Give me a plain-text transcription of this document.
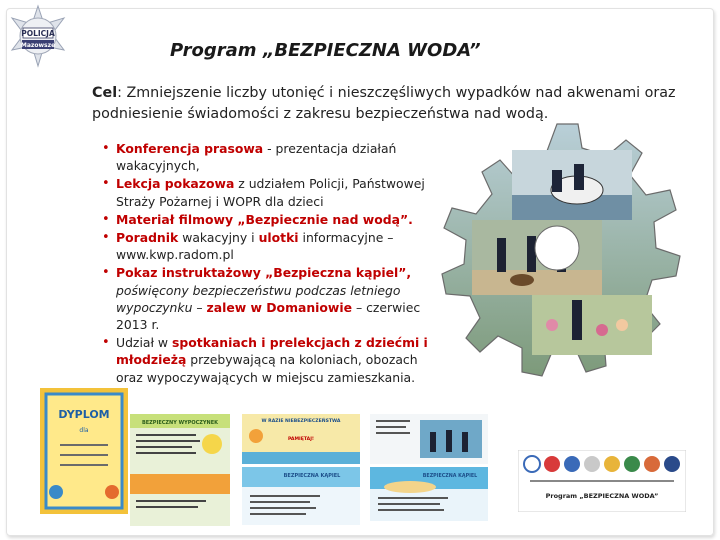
POLICJA
Mazowsze	Program „BEZPIECZNA WODA”
Cel: Zmniejszenie liczby utonięć i nieszczęśliwych wypadków nad akwenami oraz podniesienie świadomości z zakresu bezpieczeństwa nad wodą.
• Konferencja prasowa - prezentacja działań wakacyjnych,
• Lekcja pokazowa z udziałem Policji, Państwowej Straży Pożarnej i WOPR dla dzieci
• Materiał filmowy „Bezpiecznie nad wodą”.
• Poradnik wakacyjny i ulotki informacyjne – www.kwp.radom.pl
• Pokaz instruktażowy „Bezpieczna kąpiel”, poświęcony bezpieczeństwu podczas letniego wypoczynku – zalew w Domaniowie – czerwiec 2013 r.
• Udział w spotkaniach i prelekcjach z dziećmi i młodzieżą przebywającą na koloniach, obozach oraz wypoczywających w miejscu zamieszkania.
DYPLOM
dla
BEZPIECZNY WYPOCZYNEK	W RAZIE NIEBEZPIECZEŃSTWA
PAMIĘTAJ!
BEZPIECZNA KĄPIEL	BEZPIECZNA KĄPIEL
Program „BEZPIECZNA WODA”
